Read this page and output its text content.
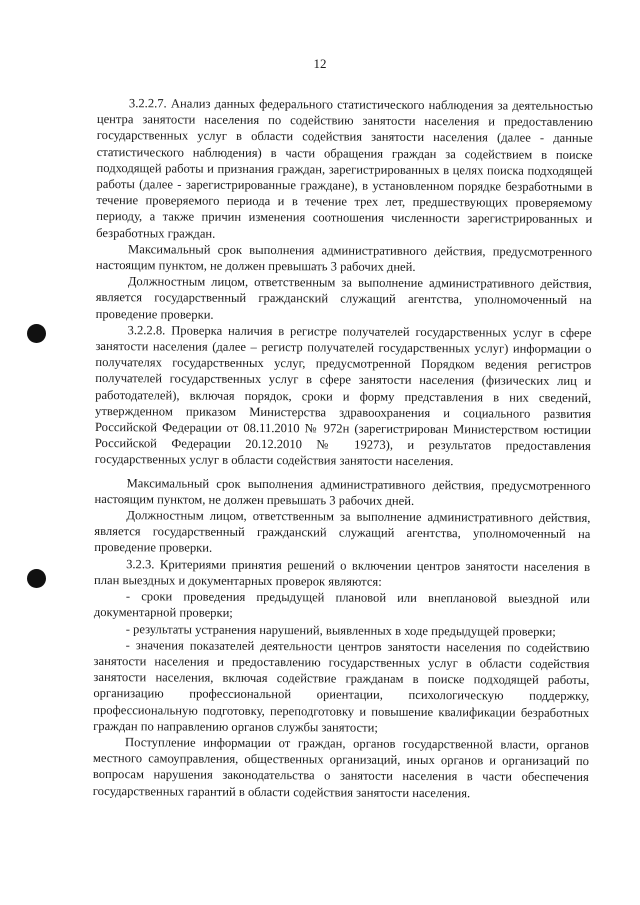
12

3.2.2.7. Анализ данных федерального статистического наблюдения за деятельностью центра занятости населения по содействию занятости населения и предоставлению государственных услуг в области содействия занятости населения (далее - данные статистического наблюдения) в части обращения граждан за содействием в поиске подходящей работы и признания граждан, зарегистрированных в целях поиска подходящей работы (далее - зарегистрированные граждане), в установленном порядке безработными в течение проверяемого периода и в течение трех лет, предшествующих проверяемому периоду, а также причин изменения соотношения численности зарегистрированных и безработных граждан.

Максимальный срок выполнения административного действия, предусмотренного настоящим пунктом, не должен превышать 3 рабочих дней.

Должностным лицом, ответственным за выполнение административного действия, является государственный гражданский служащий агентства, уполномоченный на проведение проверки.

3.2.2.8. Проверка наличия в регистре получателей государственных услуг в сфере занятости населения (далее – регистр получателей государственных услуг) информации о получателях государственных услуг, предусмотренной Порядком ведения регистров получателей государственных услуг в сфере занятости населения (физических лиц и работодателей), включая порядок, сроки и форму представления в них сведений, утвержденном приказом Министерства здравоохранения и социального развития Российской Федерации от 08.11.2010 № 972н (зарегистрирован Министерством юстиции Российской Федерации 20.12.2010 № 19273), и результатов предоставления государственных услуг в области содействия занятости населения.

Максимальный срок выполнения административного действия, предусмотренного настоящим пунктом, не должен превышать 3 рабочих дней.

Должностным лицом, ответственным за выполнение административного действия, является государственный гражданский служащий агентства, уполномоченный на проведение проверки.

3.2.3. Критериями принятия решений о включении центров занятости населения в план выездных и документарных проверок являются:

- сроки проведения предыдущей плановой или внеплановой выездной или документарной проверки;

- результаты устранения нарушений, выявленных в ходе предыдущей проверки;

- значения показателей деятельности центров занятости населения по содействию занятости населения и предоставлению государственных услуг в области содействия занятости населения, включая содействие гражданам в поиске подходящей работы, организацию профессиональной ориентации, психологическую поддержку, профессиональную подготовку, переподготовку и повышение квалификации безработных граждан по направлению органов службы занятости;

Поступление информации от граждан, органов государственной власти, органов местного самоуправления, общественных организаций, иных органов и организаций по вопросам нарушения законодательства о занятости населения в части обеспечения государственных гарантий в области содействия занятости населения.
